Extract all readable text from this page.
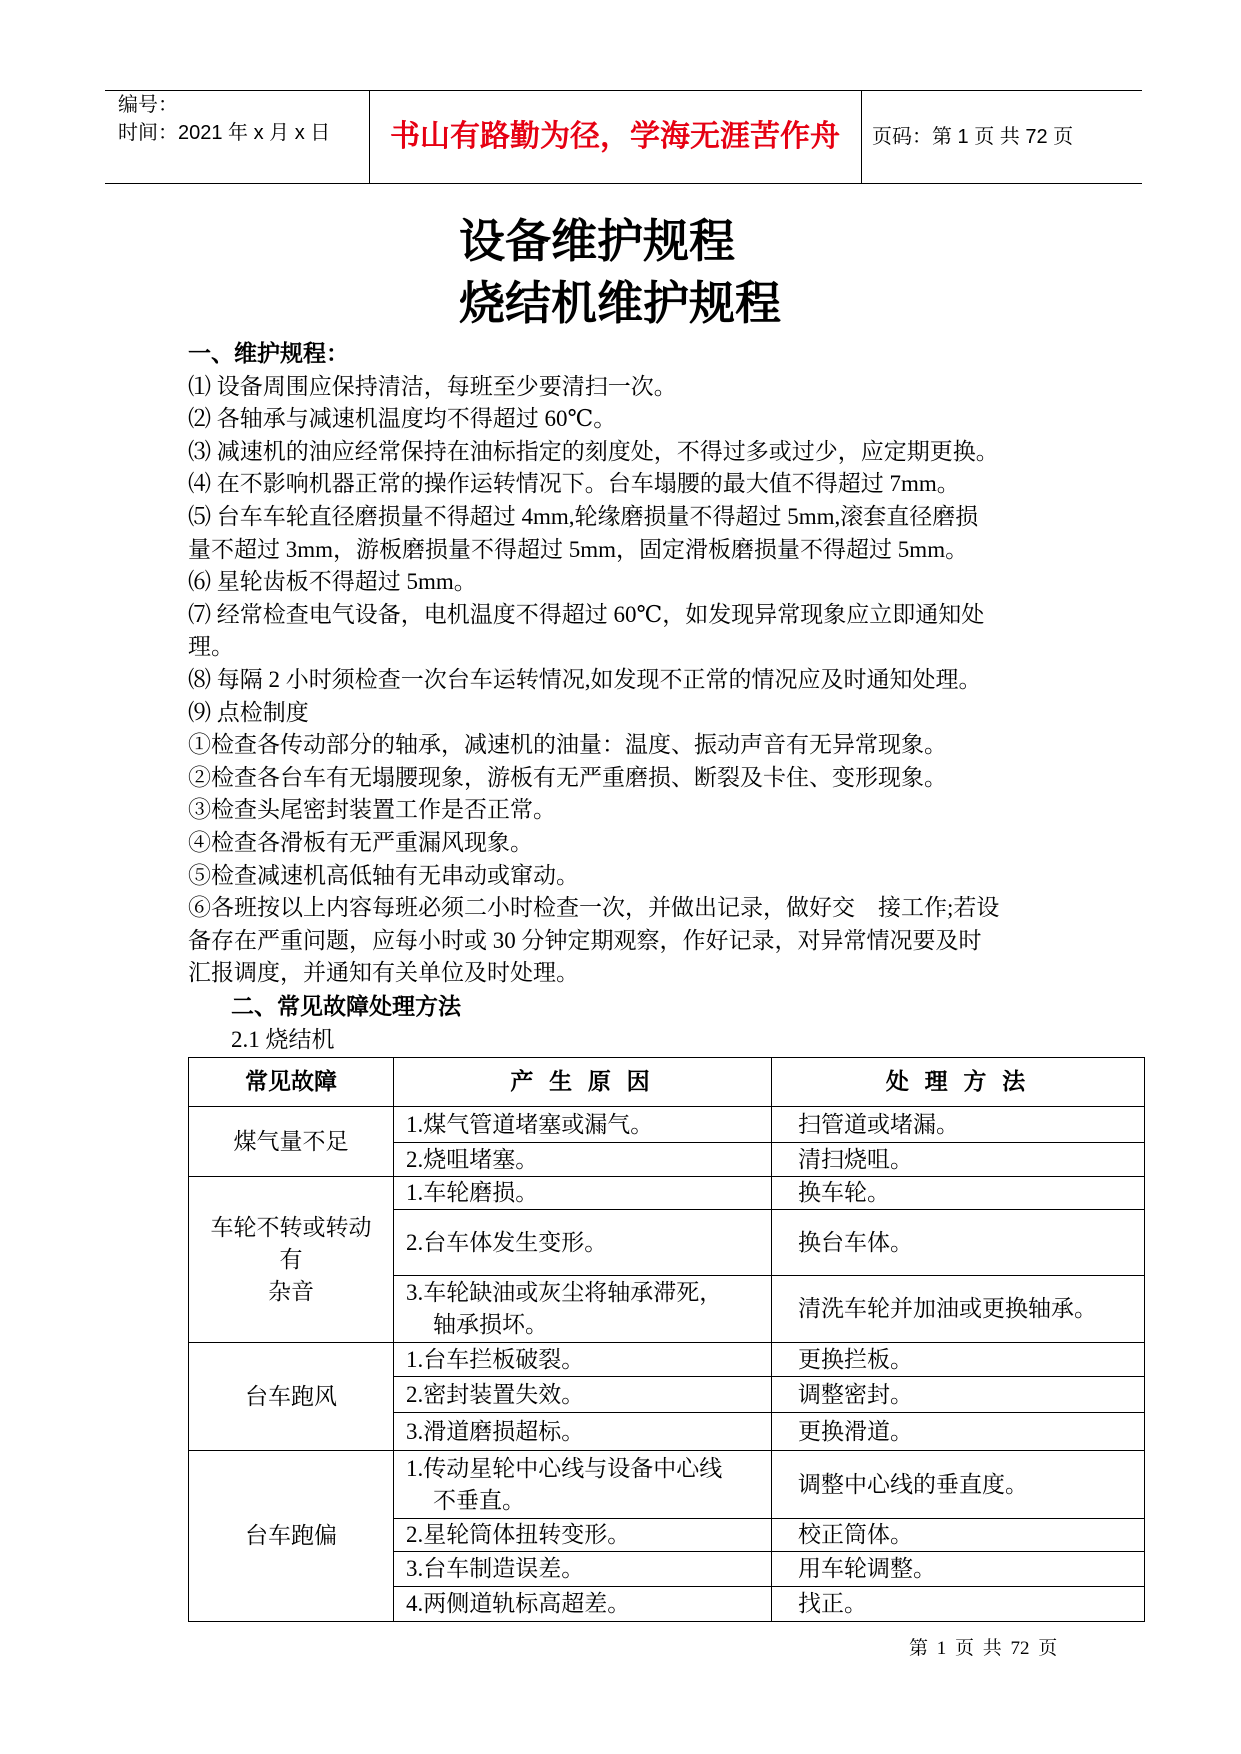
编号：
时间：2021 年 x 月 x 日	书山有路勤为径，学海无涯苦作舟	页码：第 1 页 共 72 页
设备维护规程
烧结机维护规程
一、维护规程：
⑴ 设备周围应保持清洁，每班至少要清扫一次。
⑵ 各轴承与减速机温度均不得超过 60℃。
⑶ 减速机的油应经常保持在油标指定的刻度处，不得过多或过少，应定期更换。
⑷ 在不影响机器正常的操作运转情况下。台车塌腰的最大值不得超过 7mm。
⑸ 台车车轮直径磨损量不得超过 4mm,轮缘磨损量不得超过 5mm,滚套直径磨损
量不超过 3mm，游板磨损量不得超过 5mm，固定滑板磨损量不得超过 5mm。
⑹ 星轮齿板不得超过 5mm。
⑺ 经常检查电气设备，电机温度不得超过 60℃，如发现异常现象应立即通知处
理。
⑻ 每隔 2 小时须检查一次台车运转情况,如发现不正常的情况应及时通知处理。
⑼ 点检制度
①检查各传动部分的轴承，减速机的油量：温度、振动声音有无异常现象。
②检查各台车有无塌腰现象，游板有无严重磨损、断裂及卡住、变形现象。
③检查头尾密封装置工作是否正常。
④检查各滑板有无严重漏风现象。
⑤检查减速机高低轴有无串动或窜动。
⑥各班按以上内容每班必须二小时检查一次，并做出记录，做好交　接工作;若设
备存在严重问题，应每小时或 30 分钟定期观察，作好记录，对异常情况要及时
汇报调度，并通知有关单位及时处理。
二、常见故障处理方法
2.1 烧结机
常见故障	产 生 原 因	处 理 方 法

煤气量不足	1.煤气管道堵塞或漏气。	扫管道或堵漏。

	2.烧咀堵塞。	清扫烧咀。

车轮不转或转动
有
杂音	1.车轮磨损。	换车轮。

	2.台车体发生变形。	换台车体。

	3.车轮缺油或灰尘将轴承滞死，
轴承损坏。	清洗车轮并加油或更换轴承。

台车跑风	1.台车拦板破裂。	更换拦板。

	2.密封装置失效。	调整密封。

	3.滑道磨损超标。	更换滑道。

台车跑偏	1.传动星轮中心线与设备中心线
不垂直。	调整中心线的垂直度。

	2.星轮筒体扭转变形。	校正筒体。

	3.台车制造误差。	用车轮调整。

	4.两侧道轨标高超差。	找正。
第 1 页 共 72 页
